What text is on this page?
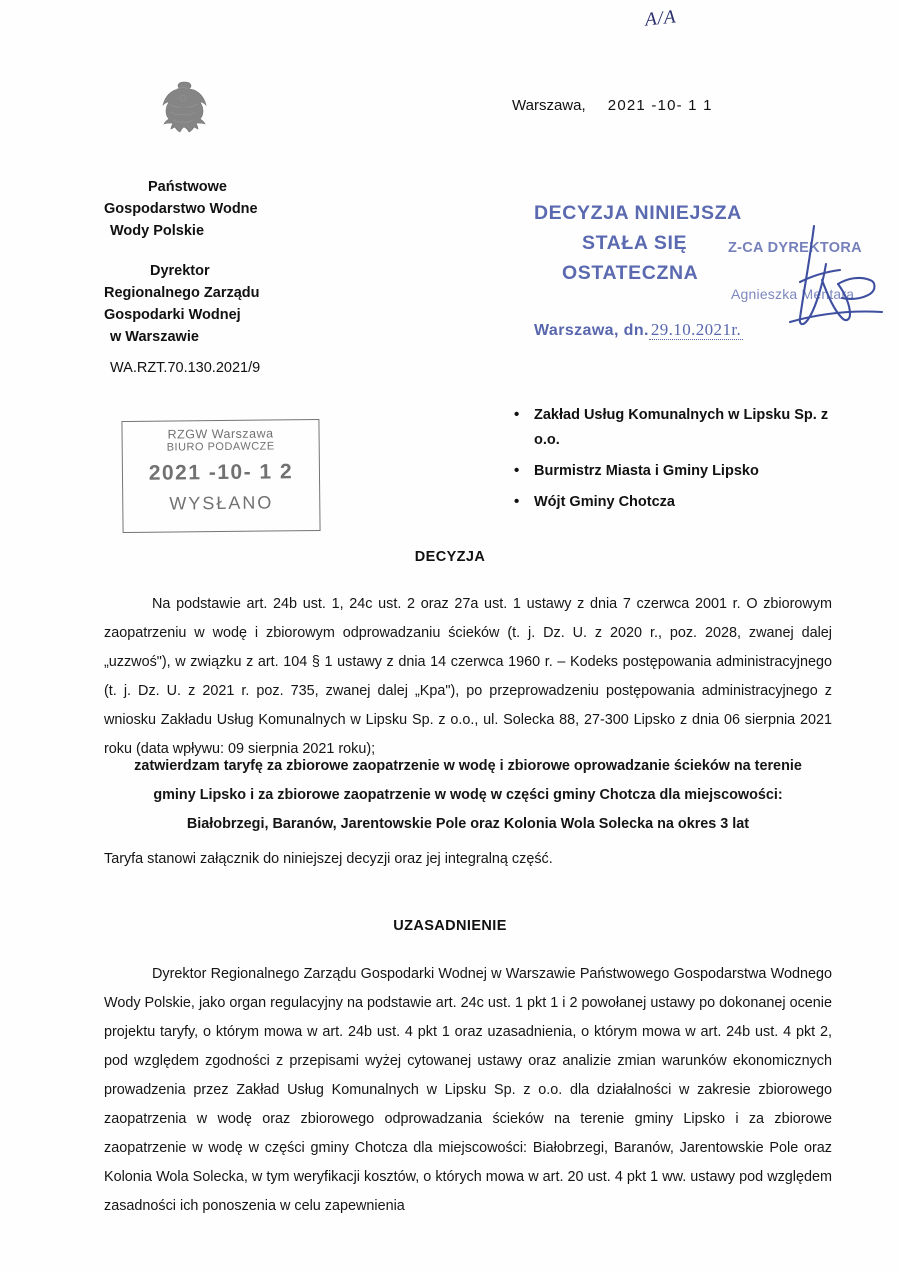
A/A
Państwowe
Gospodarstwo Wodne
Wody Polskie
Dyrektor
Regionalnego Zarządu
Gospodarki Wodnej
w Warszawie
WA.RZT.70.130.2021/9
RZGW Warszawa
BIURO PODAWCZE
2021 -10- 1 2
WYSŁANO
Warszawa, 2021 -10- 1 1
DECYZJA NINIEJSZA
STAŁA SIĘ
OSTATECZNA
Warszawa, dn. 29.10.2021r.
Z-CA DYREKTORA
Agnieszka Mentara
• Zakład Usług Komunalnych w Lipsku Sp. z o.o.
• Burmistrz Miasta i Gminy Lipsko
• Wójt Gminy Chotcza
DECYZJA
Na podstawie art. 24b ust. 1, 24c ust. 2 oraz 27a ust. 1 ustawy z dnia 7 czerwca 2001 r. O zbiorowym zaopatrzeniu w wodę i zbiorowym odprowadzaniu ścieków (t. j. Dz. U. z 2020 r., poz. 2028, zwanej dalej „uzzwoś"), w związku z art. 104 § 1 ustawy z dnia 14 czerwca 1960 r. – Kodeks postępowania administracyjnego (t. j. Dz. U. z 2021 r. poz. 735, zwanej dalej „Kpa"), po przeprowadzeniu postępowania administracyjnego z wniosku Zakładu Usług Komunalnych w Lipsku Sp. z o.o., ul. Solecka 88, 27-300 Lipsko z dnia 06 sierpnia 2021 roku (data wpływu: 09 sierpnia 2021 roku);
zatwierdzam taryfę za zbiorowe zaopatrzenie w wodę i zbiorowe oprowadzanie ścieków na terenie gminy Lipsko i za zbiorowe zaopatrzenie w wodę w części gminy Chotcza dla miejscowości: Białobrzegi, Baranów, Jarentowskie Pole oraz Kolonia Wola Solecka na okres 3 lat
Taryfa stanowi załącznik do niniejszej decyzji oraz jej integralną część.
UZASADNIENIE
Dyrektor Regionalnego Zarządu Gospodarki Wodnej w Warszawie Państwowego Gospodarstwa Wodnego Wody Polskie, jako organ regulacyjny na podstawie art. 24c ust. 1 pkt 1 i 2 powołanej ustawy po dokonanej ocenie projektu taryfy, o którym mowa w art. 24b ust. 4 pkt 1 oraz uzasadnienia, o którym mowa w art. 24b ust. 4 pkt 2, pod względem zgodności z przepisami wyżej cytowanej ustawy oraz analizie zmian warunków ekonomicznych prowadzenia przez Zakład Usług Komunalnych w Lipsku Sp. z o.o. dla działalności w zakresie zbiorowego zaopatrzenia w wodę oraz zbiorowego odprowadzania ścieków na terenie gminy Lipsko i za zbiorowe zaopatrzenie w wodę w części gminy Chotcza dla miejscowości: Białobrzegi, Baranów, Jarentowskie Pole oraz Kolonia Wola Solecka, w tym weryfikacji kosztów, o których mowa w art. 20 ust. 4 pkt 1 ww. ustawy pod względem zasadności ich ponoszenia w celu zapewnienia
